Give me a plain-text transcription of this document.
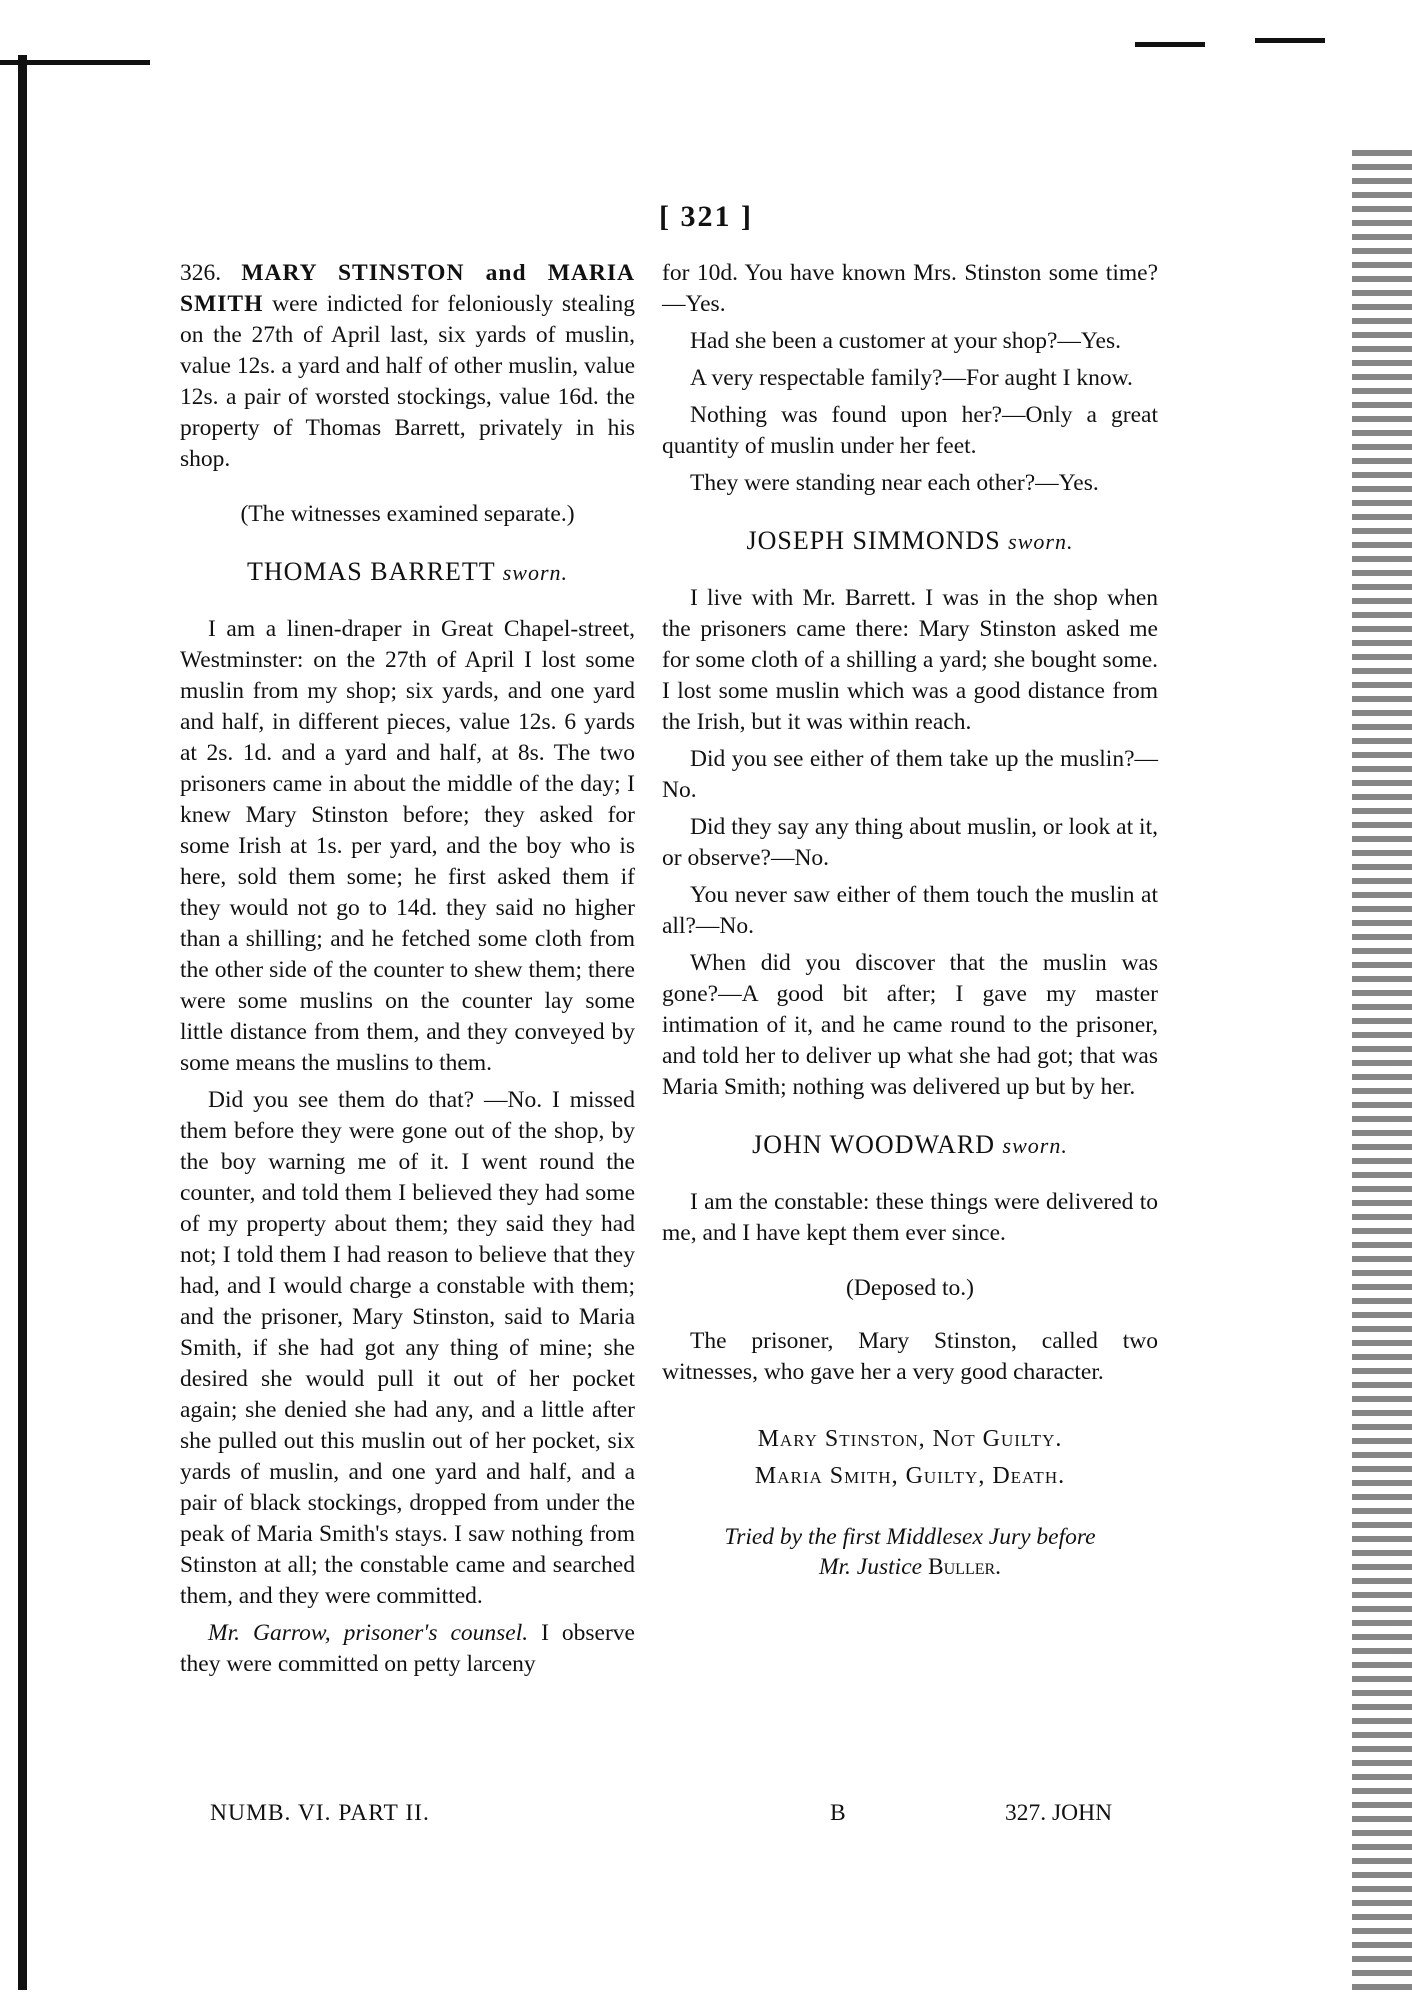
[ 321 ]

326. MARY STINSTON and MARIA SMITH were indicted for feloniously stealing on the 27th of April last, six yards of muslin, value 12s. a yard and half of other muslin, value 12s. a pair of worsted stockings, value 16d. the property of Thomas Barrett, privately in his shop.

(The witnesses examined separate.)

THOMAS BARRETT sworn.

I am a linen-draper in Great Chapel-street, Westminster: on the 27th of April I lost some muslin from my shop; six yards, and one yard and half, in different pieces, value 12s. 6 yards at 2s. 1d. and a yard and half, at 8s. The two prisoners came in about the middle of the day; I knew Mary Stinston before; they asked for some Irish at 1s. per yard, and the boy who is here, sold them some; he first asked them if they would not go to 14d. they said no higher than a shilling; and he fetched some cloth from the other side of the counter to shew them; there were some muslins on the counter lay some little distance from them, and they conveyed by some means the muslins to them.

Did you see them do that? —No. I missed them before they were gone out of the shop, by the boy warning me of it. I went round the counter, and told them I believed they had some of my property about them; they said they had not; I told them I had reason to believe that they had, and I would charge a constable with them; and the prisoner, Mary Stinston, said to Maria Smith, if she had got any thing of mine; she desired she would pull it out of her pocket again; she denied she had any, and a little after she pulled out this muslin out of her pocket, six yards of muslin, and one yard and half, and a pair of black stockings, dropped from under the peak of Maria Smith's stays. I saw nothing from Stinston at all; the constable came and searched them, and they were committed.

Mr. Garrow, prisoner's counsel. I observe they were committed on petty larceny

NUMB. VI. PART II.

for 10d. You have known Mrs. Stinston some time?—Yes.

Had she been a customer at your shop?—Yes.

A very respectable family?—For aught I know.

Nothing was found upon her?—Only a great quantity of muslin under her feet.

They were standing near each other?—Yes.

JOSEPH SIMMONDS sworn.

I live with Mr. Barrett. I was in the shop when the prisoners came there: Mary Stinston asked me for some cloth of a shilling a yard; she bought some. I lost some muslin which was a good distance from the Irish, but it was within reach.

Did you see either of them take up the muslin?—No.

Did they say any thing about muslin, or look at it, or observe?—No.

You never saw either of them touch the muslin at all?—No.

When did you discover that the muslin was gone?—A good bit after; I gave my master intimation of it, and he came round to the prisoner, and told her to deliver up what she had got; that was Maria Smith; nothing was delivered up but by her.

JOHN WOODWARD sworn.

I am the constable: these things were delivered to me, and I have kept them ever since.

(Deposed to.)

The prisoner, Mary Stinston, called two witnesses, who gave her a very good character.

Mary Stinston, Not Guilty.

Maria Smith, Guilty, Death.

Tried by the first Middlesex Jury before
Mr. Justice Buller.

B	327. JOHN
